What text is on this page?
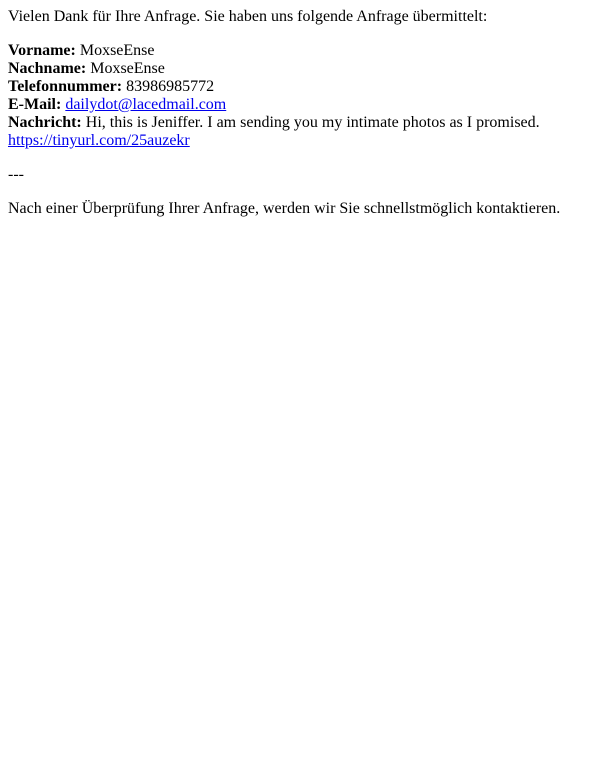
Vielen Dank für Ihre Anfrage. Sie haben uns folgende Anfrage übermittelt:

Vorname: MoxseEnse
Nachname: MoxseEnse
Telefonnummer: 83986985772
E-Mail: dailydot@lacedmail.com
Nachricht: Hi, this is Jeniffer. I am sending you my intimate photos as I promised.
https://tinyurl.com/25auzekr

---

Nach einer Überprüfung Ihrer Anfrage, werden wir Sie schnellstmöglich kontaktieren.
